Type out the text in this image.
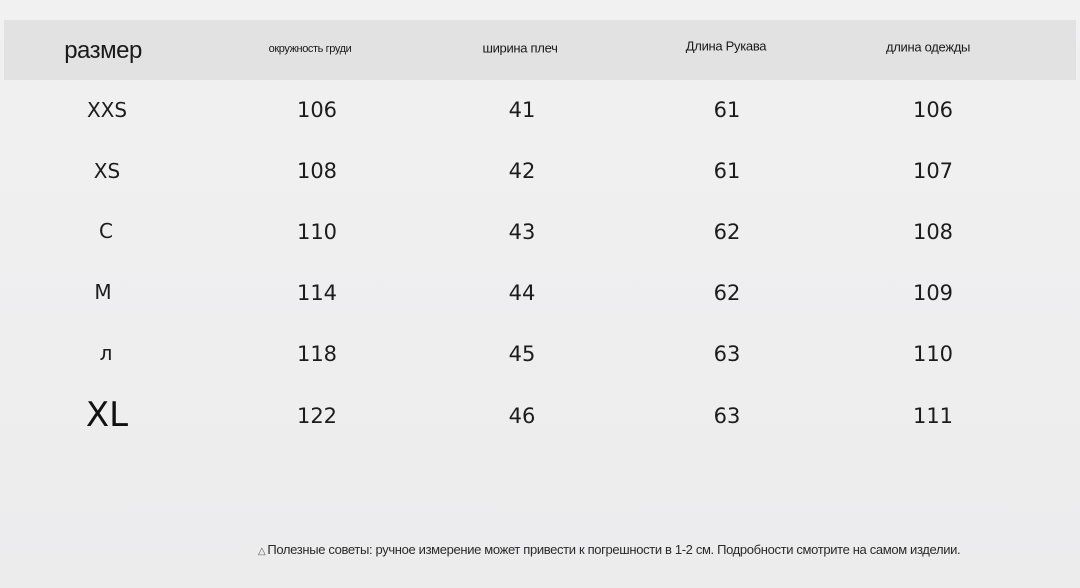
размер	окружность груди	ширина плеч	Длина Рукава	длина одежды
XXS	106	41	61	106
XS	108	42	61	107
C	110	43	62	108
M	114	44	62	109
л	118	45	63	110
XL	122	46	63	111
△ Полезные советы: ручное измерение может привести к погрешности в 1-2 см. Подробности смотрите на самом изделии.
